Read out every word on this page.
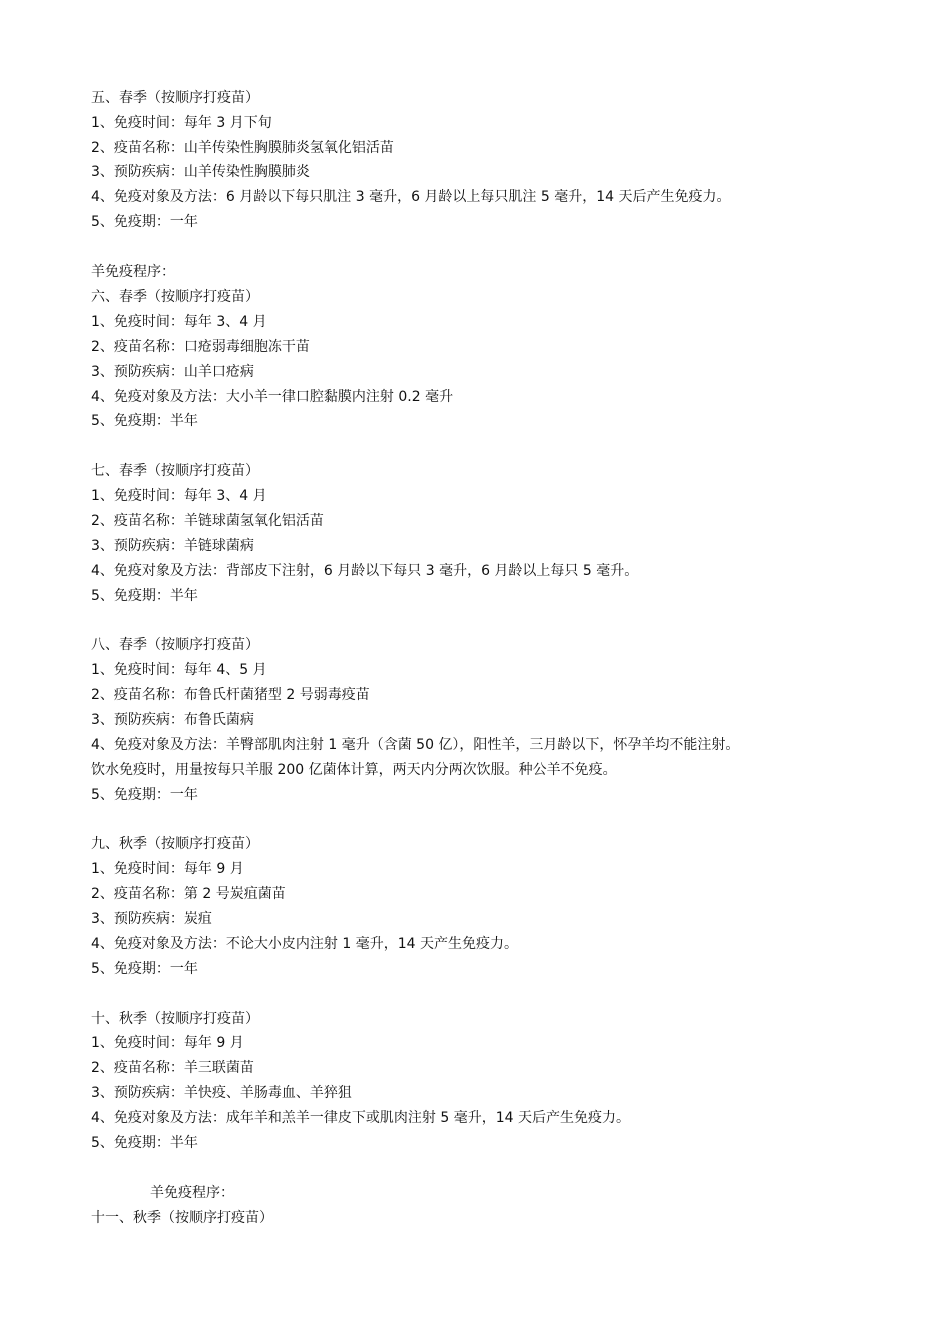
五、春季（按顺序打疫苗）
1、免疫时间：每年 3 月下旬
2、疫苗名称：山羊传染性胸膜肺炎氢氧化铝活苗
3、预防疾病：山羊传染性胸膜肺炎
4、免疫对象及方法：6 月龄以下每只肌注 3 毫升，6 月龄以上每只肌注 5 毫升，14 天后产生免疫力。
5、免疫期：一年
羊免疫程序：
六、春季（按顺序打疫苗）
1、免疫时间：每年 3、4 月
2、疫苗名称：口疮弱毒细胞冻干苗
3、预防疾病：山羊口疮病
4、免疫对象及方法：大小羊一律口腔黏膜内注射 0.2 毫升
5、免疫期：半年
七、春季（按顺序打疫苗）
1、免疫时间：每年 3、4 月
2、疫苗名称：羊链球菌氢氧化铝活苗
3、预防疾病：羊链球菌病
4、免疫对象及方法：背部皮下注射，6 月龄以下每只 3 毫升，6 月龄以上每只 5 毫升。
5、免疫期：半年
八、春季（按顺序打疫苗）
1、免疫时间：每年 4、5 月
2、疫苗名称：布鲁氏杆菌猪型 2 号弱毒疫苗
3、预防疾病：布鲁氏菌病
4、免疫对象及方法：羊臀部肌肉注射 1 毫升（含菌 50 亿），阳性羊，三月龄以下，怀孕羊均不能注射。
饮水免疫时，用量按每只羊服 200 亿菌体计算，两天内分两次饮服。种公羊不免疫。
5、免疫期：一年
九、秋季（按顺序打疫苗）
1、免疫时间：每年 9 月
2、疫苗名称：第 2 号炭疽菌苗
3、预防疾病：炭疽
4、免疫对象及方法：不论大小皮内注射 1 毫升，14 天产生免疫力。
5、免疫期：一年
十、秋季（按顺序打疫苗）
1、免疫时间：每年 9 月
2、疫苗名称：羊三联菌苗
3、预防疾病：羊快疫、羊肠毒血、羊猝狙
4、免疫对象及方法：成年羊和羔羊一律皮下或肌肉注射 5 毫升，14 天后产生免疫力。
5、免疫期：半年
羊免疫程序：
十一、秋季（按顺序打疫苗）
